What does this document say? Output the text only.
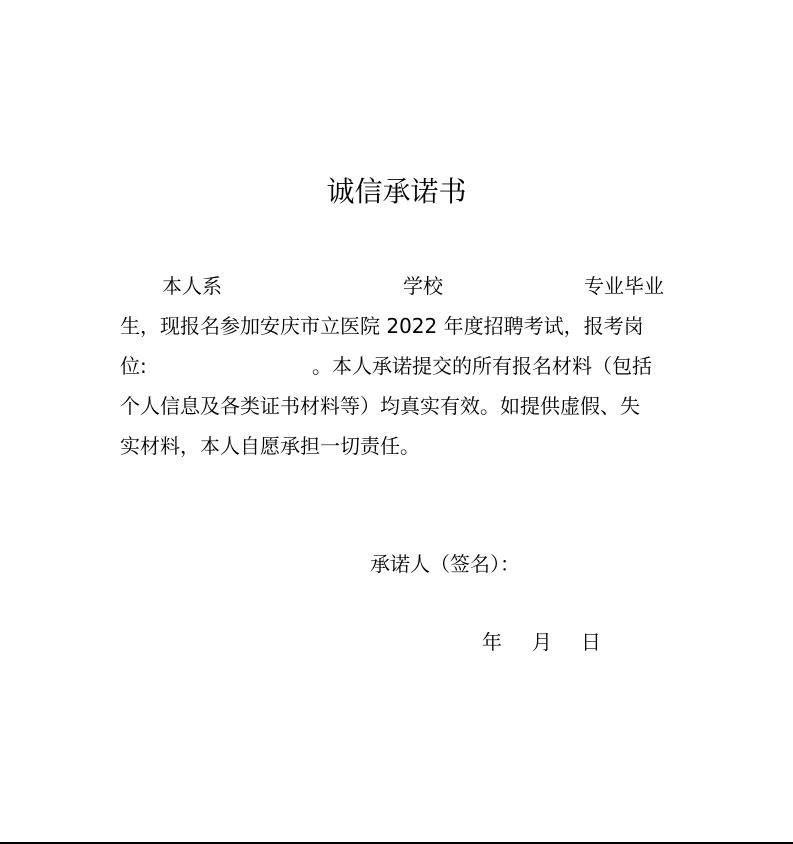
诚信承诺书
本人系	学校	专业毕业
生，现报名参加安庆市立医院 2022 年度招聘考试，报考岗
位:	。本人承诺提交的所有报名材料（包括
个人信息及各类证书材料等）均真实有效。如提供虚假、失
实材料，本人自愿承担一切责任。
承诺人（签名）：
年 月 日
